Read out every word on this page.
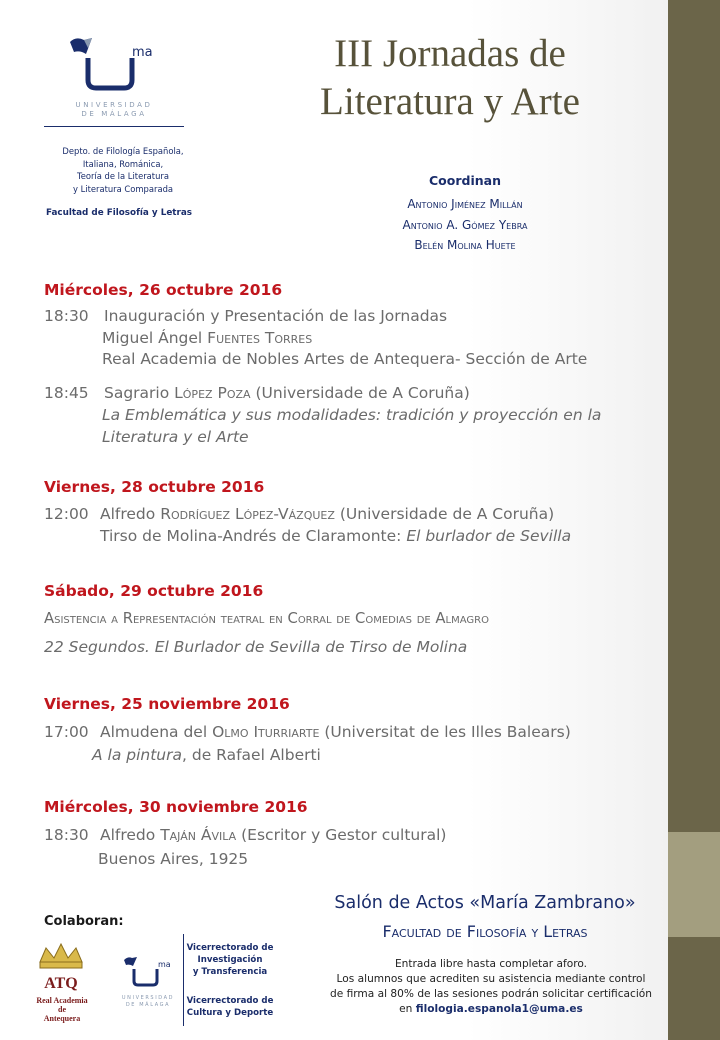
ma
UNIVERSIDAD
DE MÁLAGA
Depto. de Filología Española,
Italiana, Románica,
Teoría de la Literatura
y Literatura Comparada
Facultad de Filosofía y Letras
III Jornadas de
Literatura y Arte
Coordinan
Antonio Jiménez Millán
Antonio A. Gómez Yebra
Belén Molina Huete
Miércoles, 26 octubre 2016
18:30 Inauguración y Presentación de las Jornadas
Miguel Ángel Fuentes Torres
Real Academia de Nobles Artes de Antequera- Sección de Arte
18:45 Sagrario López Poza (Universidade de A Coruña)
La Emblemática y sus modalidades: tradición y proyección en la
Literatura y el Arte
Viernes, 28 octubre 2016
12:00 Alfredo Rodríguez López-Vázquez (Universidade de A Coruña)
Tirso de Molina-Andrés de Claramonte: El burlador de Sevilla
Sábado, 29 octubre 2016
Asistencia a Representación teatral en Corral de Comedias de Almagro
22 Segundos. El Burlador de Sevilla de Tirso de Molina
Viernes, 25 noviembre 2016
17:00 Almudena del Olmo Iturriarte (Universitat de les Illes Balears)
A la pintura, de Rafael Alberti
Miércoles, 30 noviembre 2016
18:30 Alfredo Taján Ávila (Escritor y Gestor cultural)
Buenos Aires, 1925
Colaboran:
ATQ
Real Academia
de
Antequera
ma
UNIVERSIDAD
DE MÁLAGA
Vicerrectorado de
Investigación
y Transferencia
Vicerrectorado de
Cultura y Deporte
Salón de Actos «María Zambrano»
Facultad de Filosofía y Letras
Entrada libre hasta completar aforo.
Los alumnos que acrediten su asistencia mediante control
de firma al 80% de las sesiones podrán solicitar certificación
en filologia.espanola1@uma.es
